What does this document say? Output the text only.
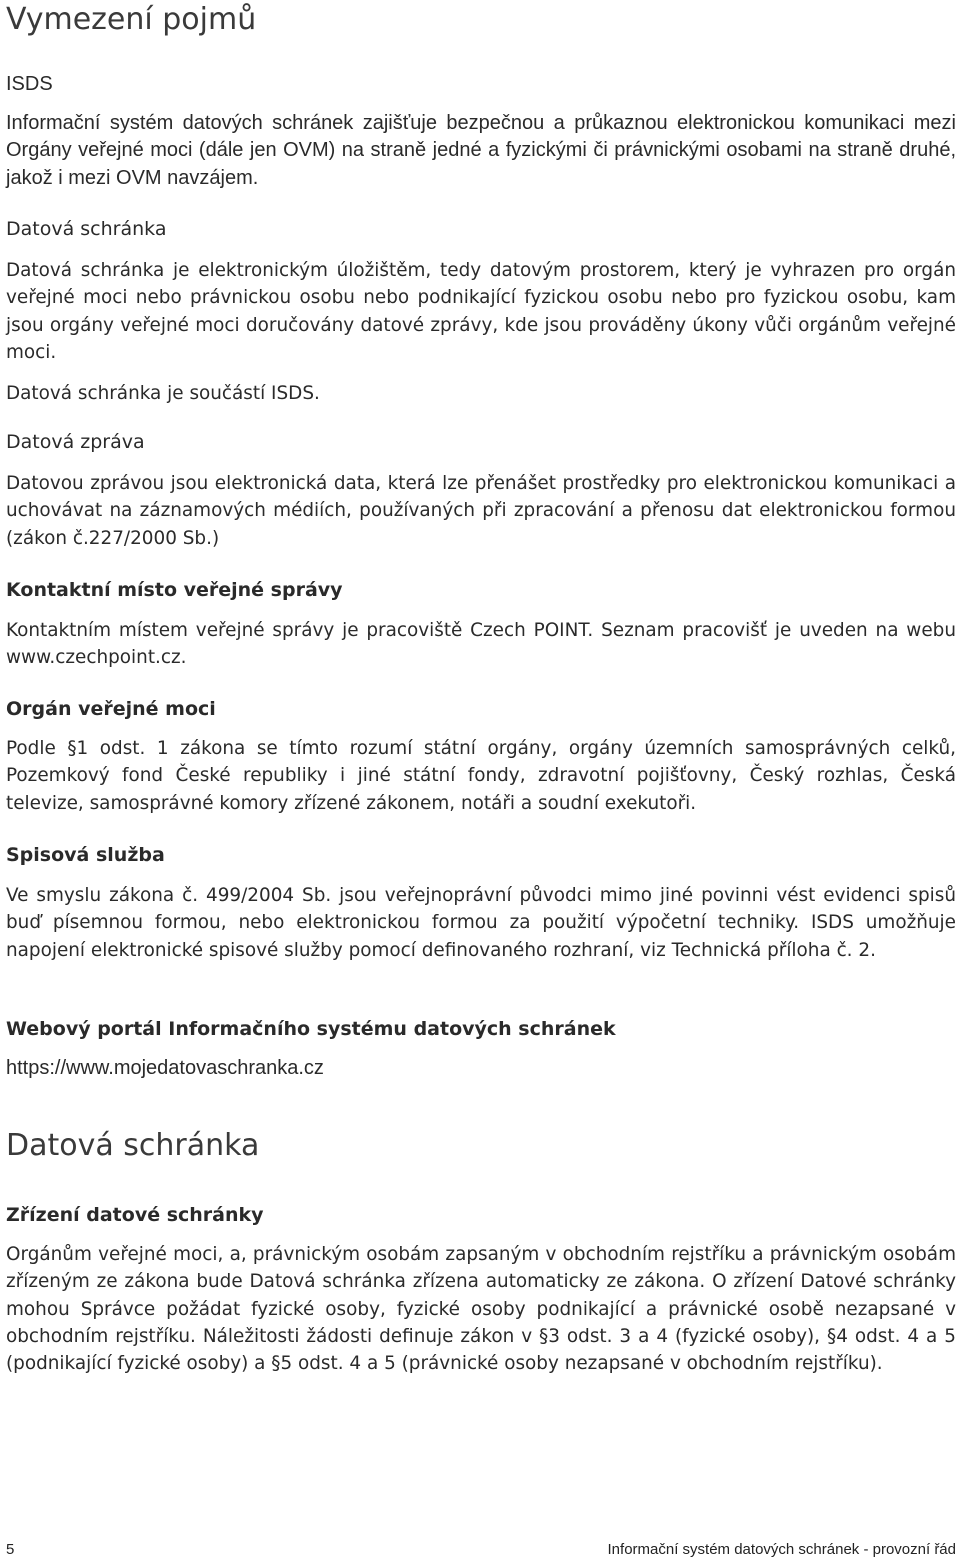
Vymezení pojmů
ISDS

Informační systém datových schránek zajišťuje bezpečnou a průkaznou elektronickou komunikaci mezi Orgány veřejné moci (dále jen OVM) na straně jedné a fyzickými či právnickými osobami na straně druhé, jakož i mezi OVM navzájem.

Datová schránka

Datová schránka je elektronickým úložištěm, tedy datovým prostorem, který je vyhrazen pro orgán veřejné moci nebo právnickou osobu nebo podnikající fyzickou osobu nebo pro fyzickou osobu, kam jsou orgány veřejné moci doručovány datové zprávy, kde jsou prováděny úkony vůči orgánům veřejné moci.

Datová schránka je součástí ISDS.

Datová zpráva

Datovou zprávou jsou elektronická data, která lze přenášet prostředky pro elektronickou komunikaci a uchovávat na záznamových médiích, používaných při zpracování a přenosu dat elektronickou formou (zákon č.227/2000 Sb.)

Kontaktní místo veřejné správy

Kontaktním místem veřejné správy je pracoviště Czech POINT. Seznam pracovišť je uveden na webu www.czechpoint.cz.

Orgán veřejné moci

Podle §1 odst. 1 zákona se tímto rozumí státní orgány, orgány územních samosprávných celků, Pozemkový fond České republiky i jiné státní fondy, zdravotní pojišťovny, Český rozhlas, Česká televize, samosprávné komory zřízené zákonem, notáři a soudní exekutoři.

Spisová služba

Ve smyslu zákona č. 499/2004 Sb. jsou veřejnoprávní původci mimo jiné povinni vést evidenci spisů buď písemnou formou, nebo elektronickou formou za použití výpočetní techniky. ISDS umožňuje napojení elektronické spisové služby pomocí definovaného rozhraní, viz Technická příloha č. 2.

Webový portál Informačního systému datových schránek

https://www.mojedatovaschranka.cz

Datová schránka
Zřízení datové schránky

Orgánům veřejné moci, a, právnickým osobám zapsaným v obchodním rejstříku a právnickým osobám zřízeným ze zákona bude Datová schránka zřízena automaticky ze zákona. O zřízení Datové schránky mohou Správce požádat fyzické osoby, fyzické osoby podnikající a právnické osobě nezapsané v obchodním rejstříku. Náležitosti žádosti definuje zákon v §3 odst. 3 a 4 (fyzické osoby), §4 odst. 4 a 5 (podnikající fyzické osoby) a §5 odst. 4 a 5 (právnické osoby nezapsané v obchodním rejstříku).

5	Informační systém datových schránek - provozní řád
